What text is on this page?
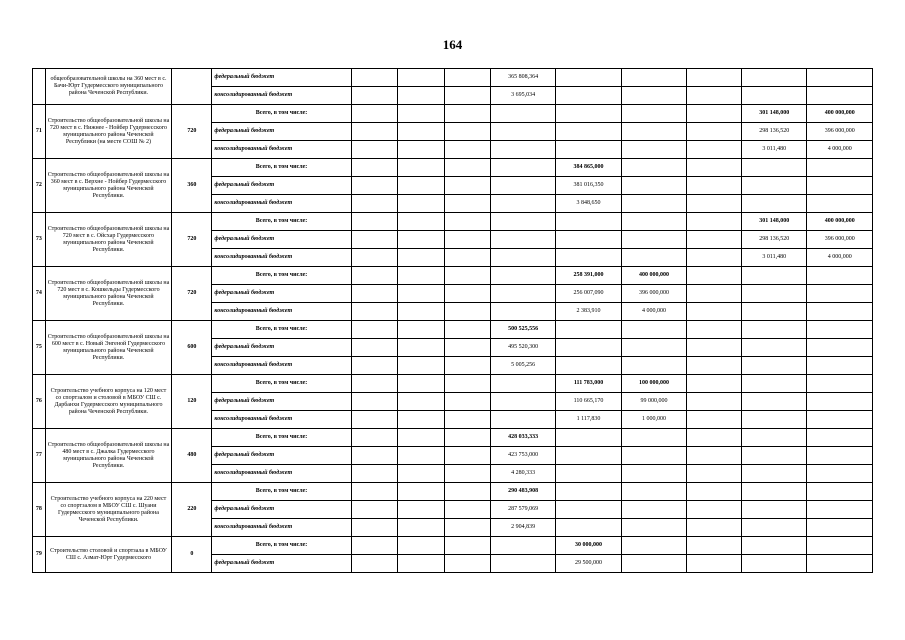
164
	общеобразовательной школы на 360 мест в с. Бачи-Юрт Гудермесского муниципального района Чеченской Республики.		федеральный бюджет				365 808,364					
			консолидированный бюджет				3 695,034					
71	Строительство общеобразовательной школы на 720 мест в с. Нижнее - Нойбер Гудермесского муниципального района Чеченской Республики (на месте СОШ № 2)	720	Всего, в том числе:								301 148,000	400 000,000
			федеральный бюджет								298 136,520	396 000,000
			консолидированный бюджет								3 011,480	4 000,000
72	Строительство общеобразовательной школы на 360 мест в с. Верхне - Нойбер Гудермесского муниципального района Чеченской Республики.	360	Всего, в том числе:					384 865,000				
			федеральный бюджет					381 016,350				
			консолидированный бюджет					3 848,650				
73	Строительство общеобразовательной школы на 720 мест в с. Ойсхар Гудермесского муниципального района Чеченской Республики.	720	Всего, в том числе:								301 148,000	400 000,000
			федеральный бюджет								298 136,520	396 000,000
			консолидированный бюджет								3 011,480	4 000,000
74	Строительство общеобразовательной школы на 720 мест в с. Кошкельды Гудермесского муниципального района Чеченской Республики.	720	Всего, в том числе:					258 391,000	400 000,000			
			федеральный бюджет					256 007,090	396 000,000			
			консолидированный бюджет					2 383,910	4 000,000			
75	Строительство общеобразовательной школы на 600 мест в с. Новый Энгеной Гудермесского муниципального района Чеченской Республики.	600	Всего, в том числе:				500 525,556					
			федеральный бюджет				495 520,300					
			консолидированный бюджет				5 005,256					
76	Строительство учебного корпуса на 120 мест со спортзалом и столовой в МБОУ СШ с. Дарбанхи Гудермесского муниципального района Чеченской Республики.	120	Всего, в том числе:					111 783,000	100 000,000			
			федеральный бюджет					110 665,170	99 000,000			
			консолидированный бюджет					1 117,830	1 000,000			
77	Строительство общеобразовательной школы на 480 мест в с. Джалка Гудермесского муниципального района Чеченской Республики.	480	Всего, в том числе:				428 033,333					
			федеральный бюджет				423 753,000					
			консолидированный бюджет				4 280,333					
78	Строительство учебного корпуса на 220 мест со спортзалом в МБОУ СШ с. Шуани Гудермесского муниципального района Чеченской Республики.	220	Всего, в том числе:				290 483,908					
			федеральный бюджет				287 579,069					
			консолидированный бюджет				2 904,839					
79	Строительство столовой и спортзала в МБОУ СШ с. Азмат-Юрт Гудермесского	0	Всего, в том числе:					30 000,000				
			федеральный бюджет					29 500,000				
